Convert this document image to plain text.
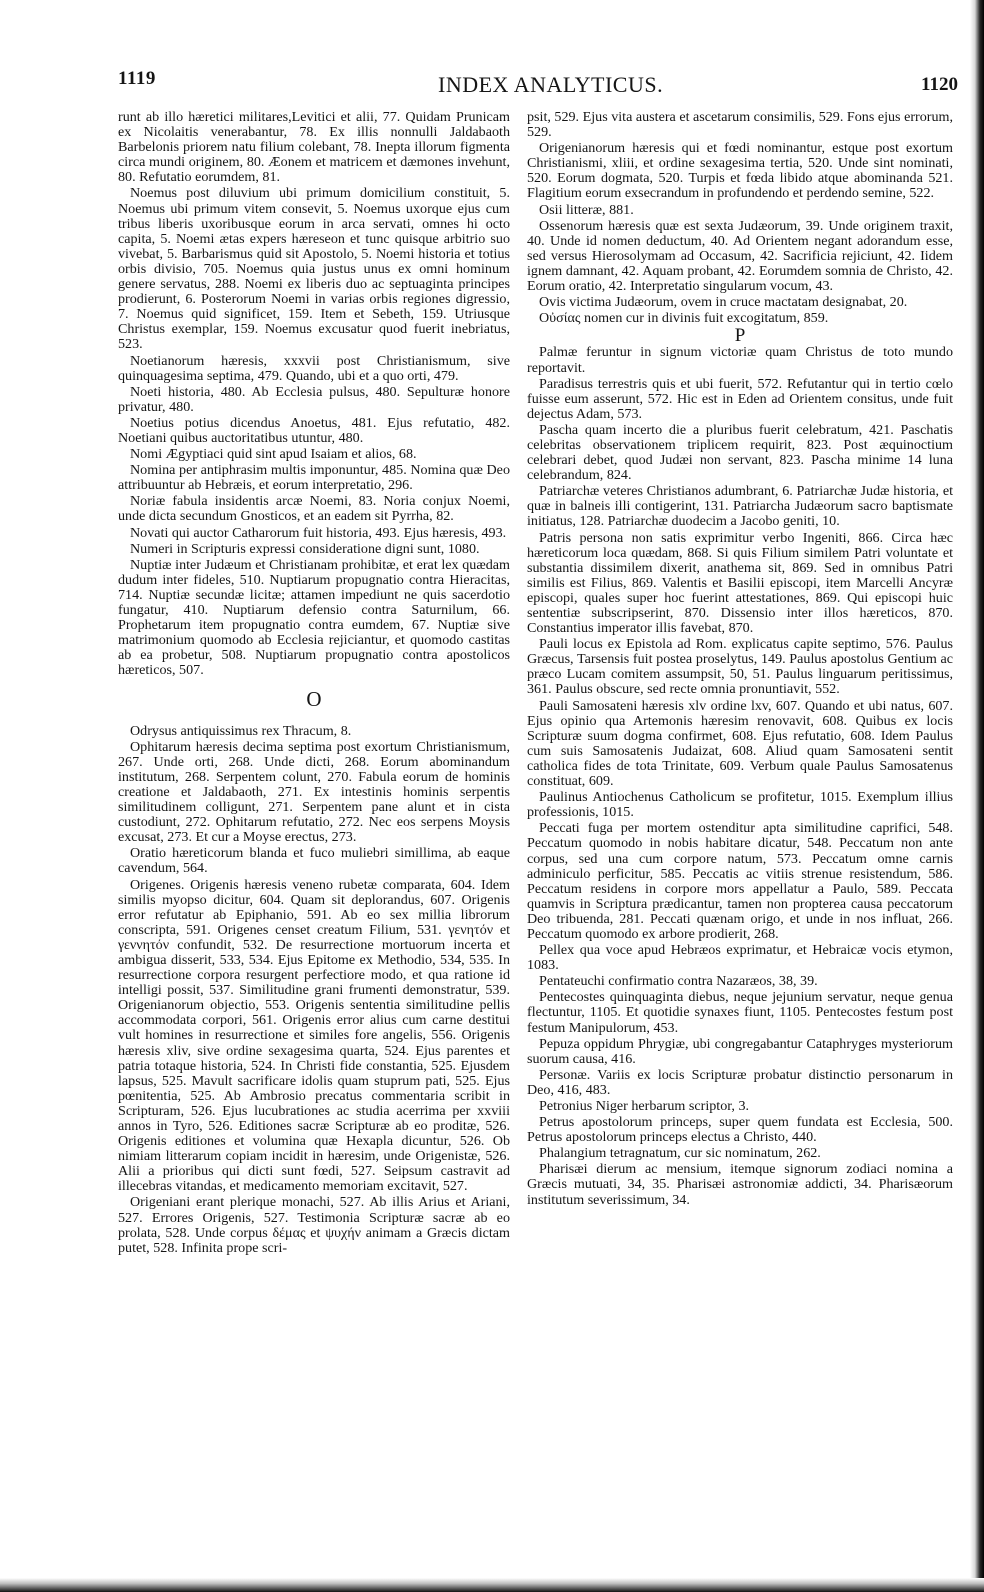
1119	INDEX ANALYTICUS.	1120

runt ab illo hæretici militares,Levitici et alii, 77. Quidam Prunicam ex Nicolaitis venerabantur, 78. Ex illis nonnulli Jaldabaoth Barbelonis priorem natu filium colebant, 78. Inepta illorum figmenta circa mundi originem, 80. Æonem et matricem et dæmones invehunt, 80. Refutatio eorumdem, 81.

Noemus post diluvium ubi primum domicilium constituit, 5. Noemus ubi primum vitem consevit, 5. Noemus uxorque ejus cum tribus liberis uxoribusque eorum in arca servati, omnes hi octo capita, 5. Noemi ætas expers hæreseon et tunc quisque arbitrio suo vivebat, 5. Barbarismus quid sit Apostolo, 5. Noemi historia et totius orbis divisio, 705. Noemus quia justus unus ex omni hominum genere servatus, 288. Noemi ex liberis duo ac septuaginta principes prodierunt, 6. Posterorum Noemi in varias orbis regiones digressio, 7. Noemus quid significet, 159. Item et Sebeth, 159. Utriusque Christus exemplar, 159. Noemus excusatur quod fuerit inebriatus, 523.

Noetianorum hæresis, xxxvii post Christianismum, sive quinquagesima septima, 479. Quando, ubi et a quo orti, 479.

Noeti historia, 480. Ab Ecclesia pulsus, 480. Sepulturæ honore privatur, 480.

Noetius potius dicendus Anoetus, 481. Ejus refutatio, 482. Noetiani quibus auctoritatibus utuntur, 480.

Nomi Ægyptiaci quid sint apud Isaiam et alios, 68.

Nomina per antiphrasim multis imponuntur, 485. Nomina quæ Deo attribuuntur ab Hebræis, et eorum interpretatio, 296.

Noriæ fabula insidentis arcæ Noemi, 83. Noria conjux Noemi, unde dicta secundum Gnosticos, et an eadem sit Pyrrha, 82.

Novati qui auctor Catharorum fuit historia, 493. Ejus hæresis, 493.

Numeri in Scripturis expressi consideratione digni sunt, 1080.

Nuptiæ inter Judæum et Christianam prohibitæ, et erat lex quædam dudum inter fideles, 510. Nuptiarum propugnatio contra Hieracitas, 714. Nuptiæ secundæ licitæ; attamen impediunt ne quis sacerdotio fungatur, 410. Nuptiarum defensio contra Saturnilum, 66. Prophetarum item propugnatio contra eumdem, 67. Nuptiæ sive matrimonium quomodo ab Ecclesia rejiciantur, et quomodo castitas ab ea probetur, 508. Nuptiarum propugnatio contra apostolicos hæreticos, 507.

O

Odrysus antiquissimus rex Thracum, 8.

Ophitarum hæresis decima septima post exortum Christianismum, 267. Unde orti, 268. Unde dicti, 268. Eorum abominandum institutum, 268. Serpentem colunt, 270. Fabula eorum de hominis creatione et Jaldabaoth, 271. Ex intestinis hominis serpentis similitudinem colligunt, 271. Serpentem pane alunt et in cista custodiunt, 272. Ophitarum refutatio, 272. Nec eos serpens Moysis excusat, 273. Et cur a Moyse erectus, 273.

Oratio hæreticorum blanda et fuco muliebri simillima, ab eaque cavendum, 564.

Origenes. Origenis hæresis veneno rubetæ comparata, 604. Idem similis myopso dicitur, 604. Quam sit deplorandus, 607. Origenis error refutatur ab Epiphanio, 591. Ab eo sex millia librorum conscripta, 591. Origenes censet creatum Filium, 531. γενητόν et γεννητόν confundit, 532. De resurrectione mortuorum incerta et ambigua disserit, 533, 534. Ejus Epitome ex Methodio, 534, 535. In resurrectione corpora resurgent perfectiore modo, et qua ratione id intelligi possit, 537. Similitudine grani frumenti demonstratur, 539. Origenianorum objectio, 553. Origenis sententia similitudine pellis accommodata corpori, 561. Origenis error alius cum carne destitui vult homines in resurrectione et similes fore angelis, 556. Origenis hæresis xliv, sive ordine sexagesima quarta, 524. Ejus parentes et patria totaque historia, 524. In Christi fide constantia, 525. Ejusdem lapsus, 525. Mavult sacrificare idolis quam stuprum pati, 525. Ejus pœnitentia, 525. Ab Ambrosio precatus commentaria scribit in Scripturam, 526. Ejus lucubrationes ac studia acerrima per xxviii annos in Tyro, 526. Editiones sacræ Scripturæ ab eo proditæ, 526. Origenis editiones et volumina quæ Hexapla dicuntur, 526. Ob nimiam litterarum copiam incidit in hæresim, unde Origenistæ, 526. Alii a prioribus qui dicti sunt fœdi, 527. Seipsum castravit ad illecebras vitandas, et medicamento memoriam excitavit, 527.

Origeniani erant plerique monachi, 527. Ab illis Arius et Ariani, 527. Errores Origenis, 527. Testimonia Scripturæ sacræ ab eo prolata, 528. Unde corpus δέμας et ψυχήν animam a Græcis dictam putet, 528. Infinita prope scri-

psit, 529. Ejus vita austera et ascetarum consimilis, 529. Fons ejus errorum, 529.

Origenianorum hæresis qui et fœdi nominantur, estque post exortum Christianismi, xliii, et ordine sexagesima tertia, 520. Unde sint nominati, 520. Eorum dogmata, 520. Turpis et fœda libido atque abominanda 521. Flagitium eorum exsecrandum in profundendo et perdendo semine, 522.

Osii litteræ, 881.

Ossenorum hæresis quæ est sexta Judæorum, 39. Unde originem traxit, 40. Unde id nomen deductum, 40. Ad Orientem negant adorandum esse, sed versus Hierosolymam ad Occasum, 42. Sacrificia rejiciunt, 42. Iidem ignem damnant, 42. Aquam probant, 42. Eorumdem somnia de Christo, 42. Eorum oratio, 42. Interpretatio singularum vocum, 43.

Ovis victima Judæorum, ovem in cruce mactatam designabat, 20.

Οὐσίας nomen cur in divinis fuit excogitatum, 859.

P

Palmæ feruntur in signum victoriæ quam Christus de toto mundo reportavit.

Paradisus terrestris quis et ubi fuerit, 572. Refutantur qui in tertio cœlo fuisse eum asserunt, 572. Hic est in Eden ad Orientem consitus, unde fuit dejectus Adam, 573.

Pascha quam incerto die a pluribus fuerit celebratum, 421. Paschatis celebritas observationem triplicem requirit, 823. Post æquinoctium celebrari debet, quod Judæi non servant, 823. Pascha minime 14 luna celebrandum, 824.

Patriarchæ veteres Christianos adumbrant, 6. Patriarchæ Judæ historia, et quæ in balneis illi contigerint, 131. Patriarcha Judæorum sacro baptismate initiatus, 128. Patriarchæ duodecim a Jacobo geniti, 10.

Patris persona non satis exprimitur verbo Ingeniti, 866. Circa hæc hæreticorum loca quædam, 868. Si quis Filium similem Patri voluntate et substantia dissimilem dixerit, anathema sit, 869. Sed in omnibus Patri similis est Filius, 869. Valentis et Basilii episcopi, item Marcelli Ancyræ episcopi, quales super hoc fuerint attestationes, 869. Qui episcopi huic sententiæ subscripserint, 870. Dissensio inter illos hæreticos, 870. Constantius imperator illis favebat, 870.

Pauli locus ex Epistola ad Rom. explicatus capite septimo, 576. Paulus Græcus, Tarsensis fuit postea proselytus, 149. Paulus apostolus Gentium ac præco Lucam comitem assumpsit, 50, 51. Paulus linguarum peritissimus, 361. Paulus obscure, sed recte omnia pronuntiavit, 552.

Pauli Samosateni hæresis xlv ordine lxv, 607. Quando et ubi natus, 607. Ejus opinio qua Artemonis hæresim renovavit, 608. Quibus ex locis Scripturæ suum dogma confirmet, 608. Ejus refutatio, 608. Idem Paulus cum suis Samosatenis Judaizat, 608. Aliud quam Samosateni sentit catholica fides de tota Trinitate, 609. Verbum quale Paulus Samosatenus constituat, 609.

Paulinus Antiochenus Catholicum se profitetur, 1015. Exemplum illius professionis, 1015.

Peccati fuga per mortem ostenditur apta similitudine caprifici, 548. Peccatum quomodo in nobis habitare dicatur, 548. Peccatum non ante corpus, sed una cum corpore natum, 573. Peccatum omne carnis adminiculo perficitur, 585. Peccatis ac vitiis strenue resistendum, 586. Peccatum residens in corpore mors appellatur a Paulo, 589. Peccata quamvis in Scriptura prædicantur, tamen non propterea causa peccatorum Deo tribuenda, 281. Peccati quænam origo, et unde in nos influat, 266. Peccatum quomodo ex arbore prodierit, 268.

Pellex qua voce apud Hebræos exprimatur, et Hebraicæ vocis etymon, 1083.

Pentateuchi confirmatio contra Nazaræos, 38, 39.

Pentecostes quinquaginta diebus, neque jejunium servatur, neque genua flectuntur, 1105. Et quotidie synaxes fiunt, 1105. Pentecostes festum post festum Manipulorum, 453.

Pepuza oppidum Phrygiæ, ubi congregabantur Cataphryges mysteriorum suorum causa, 416.

Personæ. Variis ex locis Scripturæ probatur distinctio personarum in Deo, 416, 483.

Petronius Niger herbarum scriptor, 3.

Petrus apostolorum princeps, super quem fundata est Ecclesia, 500. Petrus apostolorum princeps electus a Christo, 440.

Phalangium tetragnatum, cur sic nominatum, 262.

Pharisæi dierum ac mensium, itemque signorum zodiaci nomina a Græcis mutuati, 34, 35. Pharisæi astronomiæ addicti, 34. Pharisæorum institutum severissimum, 34.
